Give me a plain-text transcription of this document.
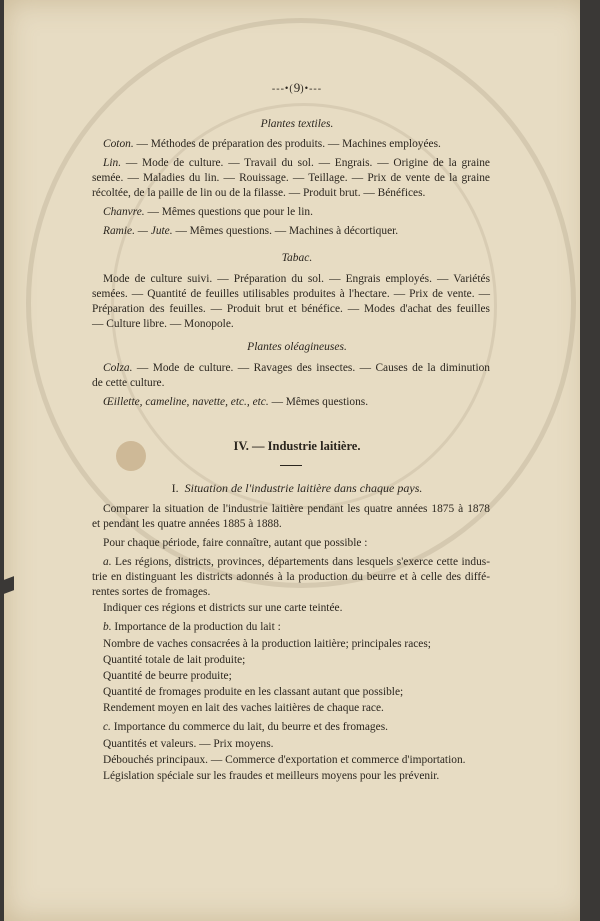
---•(9)•---
Plantes textiles.
Coton. — Méthodes de préparation des produits. — Machines employées.
Lin. — Mode de culture. — Travail du sol. — Engrais. — Origine de la graine
semée. — Maladies du lin. — Rouissage. — Teillage. — Prix de vente de la graine
récoltée, de la paille de lin ou de la filasse. — Produit brut. — Bénéfices.
Chanvre. — Mêmes questions que pour le lin.
Ramie. — Jute. — Mêmes questions. — Machines à décortiquer.
Tabac.
Mode de culture suivi. — Préparation du sol. — Engrais employés. — Variétés
semées. — Quantité de feuilles utilisables produites à l'hectare. — Prix de vente. —
Préparation des feuilles. — Produit brut et bénéfice. — Modes d'achat des feuilles
— Culture libre. — Monopole.
Plantes oléagineuses.
Colza. — Mode de culture. — Ravages des insectes. — Causes de la diminution
de cette culture.
Œillette, cameline, navette, etc., etc. — Mêmes questions.
IV. — Industrie laitière.
I. Situation de l'industrie laitière dans chaque pays.
Comparer la situation de l'industrie laitière pendant les quatre années 1875 à 1878
et pendant les quatre années 1885 à 1888.
Pour chaque période, faire connaître, autant que possible :
a. Les régions, districts, provinces, départements dans lesquels s'exerce cette indus-
trie en distinguant les districts adonnés à la production du beurre et à celle des diffé-
rentes sortes de fromages.
Indiquer ces régions et districts sur une carte teintée.
b. Importance de la production du lait :
Nombre de vaches consacrées à la production laitière; principales races;
Quantité totale de lait produite;
Quantité de beurre produite;
Quantité de fromages produite en les classant autant que possible;
Rendement moyen en lait des vaches laitières de chaque race.
c. Importance du commerce du lait, du beurre et des fromages.
Quantités et valeurs. — Prix moyens.
Débouchés principaux. — Commerce d'exportation et commerce d'importation.
Législation spéciale sur les fraudes et meilleurs moyens pour les prévenir.
